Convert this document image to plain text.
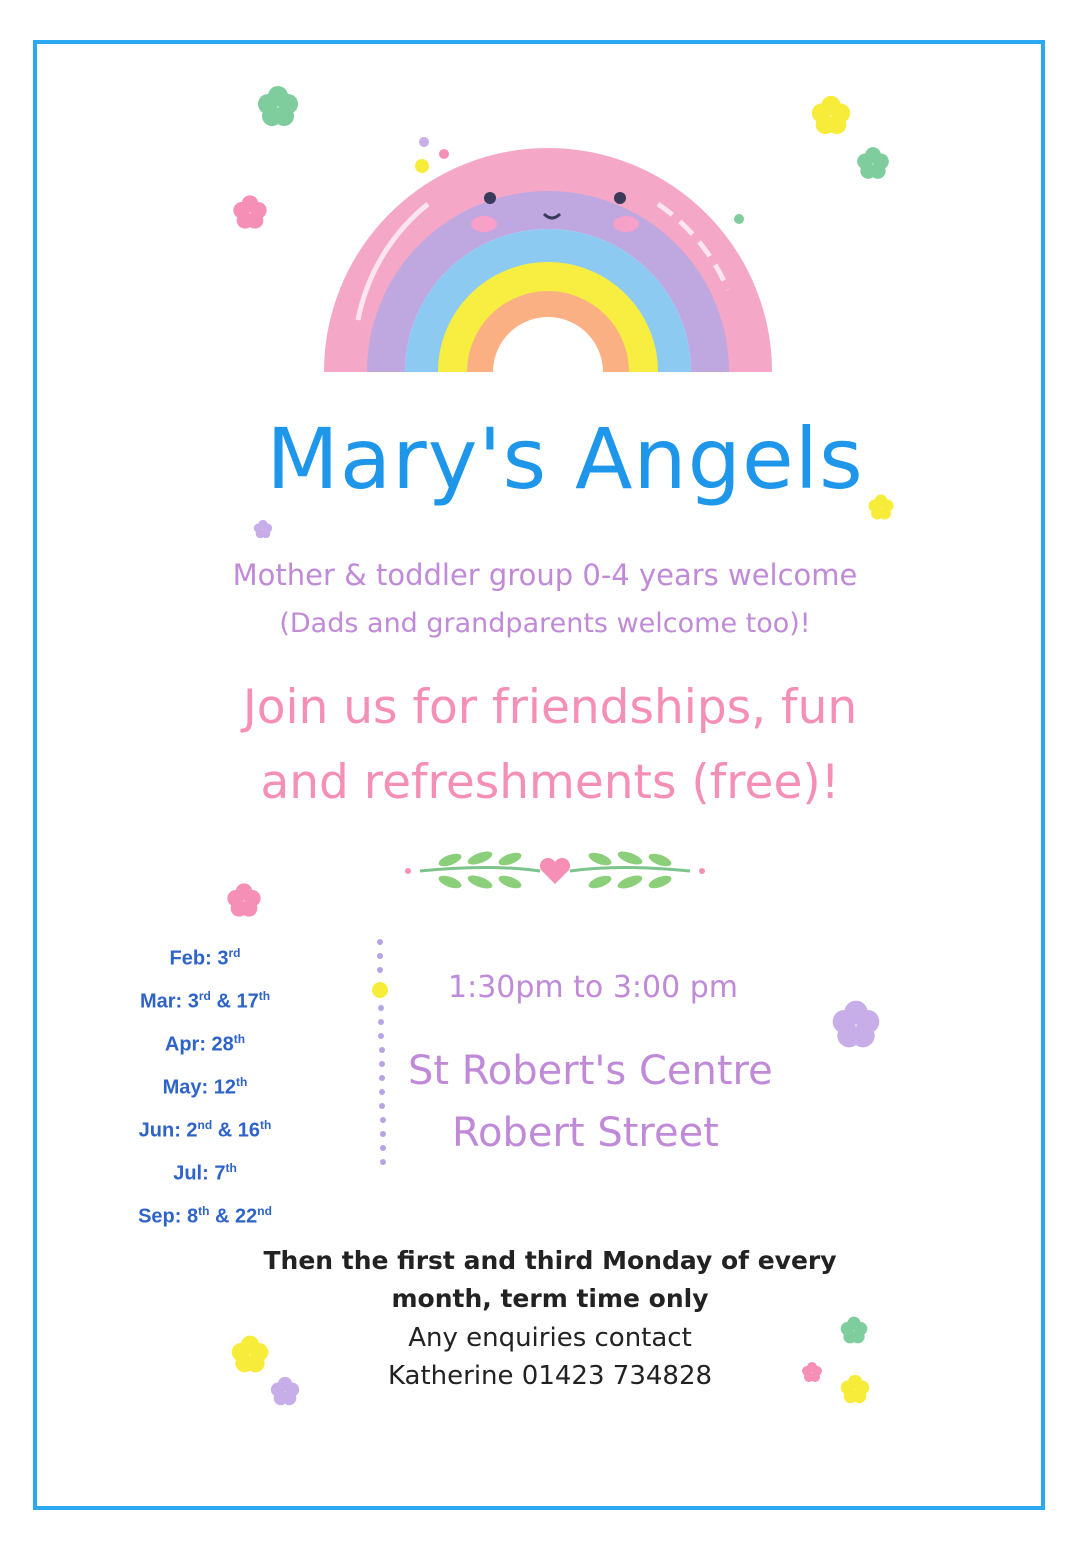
Mary's Angels
Mother & toddler group 0-4 years welcome
(Dads and grandparents welcome too)!
Join us for friendships, fun
and refreshments (free)!
Feb: 3rd
Mar: 3rd & 17th
Apr: 28th
May: 12th
Jun: 2nd & 16th
Jul: 7th
Sep: 8th & 22nd
1:30pm to 3:00 pm
St Robert's Centre
Robert Street
Then the first and third Monday of every
month, term time only
Any enquiries contact
Katherine 01423 734828
